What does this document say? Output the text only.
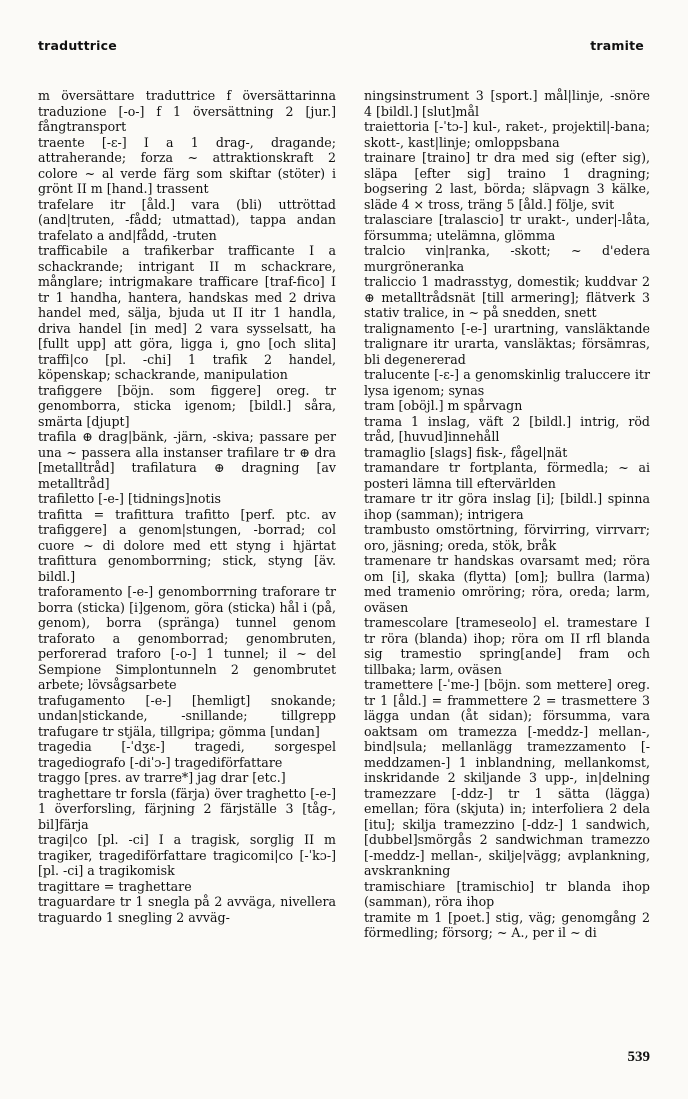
traduttrice	tramite

m översättare traduttrice f översättarinna traduzione [-o-] f 1 översättning 2 [jur.] fångtransport

traente [-ɛ-] I a 1 drag-, dragande; attraherande; forza ~ attraktionskraft 2 colore ~ al verde färg som skiftar (stöter) i grönt II m [hand.] trassent

trafelare itr [åld.] vara (bli) uttröttad (and|truten, -fådd; utmattad), tappa andan trafelato a and|fådd, -truten

trafficabile a trafikerbar trafficante I a schackrande; intrigant II m schackrare, månglare; intrigmakare trafficare [traf-fico] I tr 1 handha, hantera, handskas med 2 driva handel med, sälja, bjuda ut II itr 1 handla, driva handel [in med] 2 vara sysselsatt, ha [fullt upp] att göra, ligga i, gno [och slita] traffi|co [pl. -chi] 1 trafik 2 handel, köpenskap; schackrande, manipulation

trafiggere [böjn. som figgere] oreg. tr genomborra, sticka igenom; [bildl.] såra, smärta [djupt]

trafila ⊕ drag|bänk, -järn, -skiva; passare per una ~ passera alla instanser trafilare tr ⊕ dra [metalltråd] trafilatura ⊕ dragning [av metalltråd]

trafiletto [-e-] [tidnings]notis

trafitta = trafittura trafitto [perf. ptc. av trafiggere] a genom|stungen, -borrad; col cuore ~ di dolore med ett styng i hjärtat trafittura genomborrning; stick, styng [äv. bildl.]

traforamento [-e-] genomborrning traforare tr borra (sticka) [i]genom, göra (sticka) hål i (på, genom), borra (spränga) tunnel genom traforato a genomborrad; genombruten, perforerad traforo [-o-] 1 tunnel; il ~ del Sempione Simplontunneln 2 genombrutet arbete; lövsågsarbete

trafugamento [-e-] [hemligt] snokande; undan|stickande, -snillande; tillgrepp trafugare tr stjäla, tillgripa; gömma [undan]

tragedia [-ˈdʒɛ-] tragedi, sorgespel tragediografo [-diˈɔ-] tragediförfattare

traggo [pres. av trarre*] jag drar [etc.]

traghettare tr forsla (färja) över traghetto [-e-] 1 överforsling, färjning 2 färjställe 3 [tåg-, bil]färja

tragi|co [pl. -ci] I a tragisk, sorglig II m tragiker, tragediförfattare tragicomi|co [-ˈkɔ-] [pl. -ci] a tragikomisk

tragittare = traghettare

traguardare tr 1 snegla på 2 avväga, nivellera traguardo 1 snegling 2 avväg-

ningsinstrument 3 [sport.] mål|linje, -snöre 4 [bildl.] [slut]mål

traiettoria [-ˈtɔ-] kul-, raket-, projektil|-bana; skott-, kast|linje; omloppsbana

trainare [traino] tr dra med sig (efter sig), släpa [efter sig] traino 1 dragning; bogsering 2 last, börda; släpvagn 3 kälke, släde 4 ⨯ tross, träng 5 [åld.] följe, svit

tralasciare [tralascio] tr urakt-, under|-låta, försumma; utelämna, glömma

tralcio vin|ranka, -skott; ~ d'edera murgröneranka

traliccio 1 madrasstyg, domestik; kuddvar 2 ⊕ metalltrådsnät [till armering]; flätverk 3 stativ tralice, in ~ på snedden, snett

tralignamento [-e-] urartning, vansläktande tralignare itr urarta, vansläktas; försämras, bli degenererad

tralucente [-ɛ-] a genomskinlig traluccere itr lysa igenom; synas

tram [oböjl.] m spårvagn

trama 1 inslag, väft 2 [bildl.] intrig, röd tråd, [huvud]innehåll

tramaglio [slags] fisk-, fågel|nät

tramandare tr fortplanta, förmedla; ~ ai posteri lämna till eftervärlden

tramare tr itr göra inslag [i]; [bildl.] spinna ihop (samman); intrigera

trambusto omstörtning, förvirring, virrvarr; oro, jäsning; oreda, stök, bråk

tramenare tr handskas ovarsamt med; röra om [i], skaka (flytta) [om]; bullra (larma) med tramenio omröring; röra, oreda; larm, oväsen

tramescolare [trameseolo] el. tramestare I tr röra (blanda) ihop; röra om II rfl blanda sig tramestio spring[ande] fram och tillbaka; larm, oväsen

tramettere [-ˈme-] [böjn. som mettere] oreg. tr 1 [åld.] = frammettere 2 = trasmettere 3 lägga undan (åt sidan); försumma, vara oaktsam om tramezza [-meddz-] mellan-, bind|sula; mellanlägg tramezzamento [-meddzamen-] 1 inblandning, mellankomst, inskridande 2 skiljande 3 upp-, in|delning tramezzare [-ddz-] tr 1 sätta (lägga) emellan; föra (skjuta) in; interfoliera 2 dela [itu]; skilja tramezzino [-ddz-] 1 sandwich, [dubbel]smörgås 2 sandwichman tramezzo [-meddz-] mellan-, skilje|vägg; avplankning, avskrankning

tramischiare [tramischio] tr blanda ihop (samman), röra ihop

tramite m 1 [poet.] stig, väg; genomgång 2 förmedling; försorg; ~ A., per il ~ di

539
